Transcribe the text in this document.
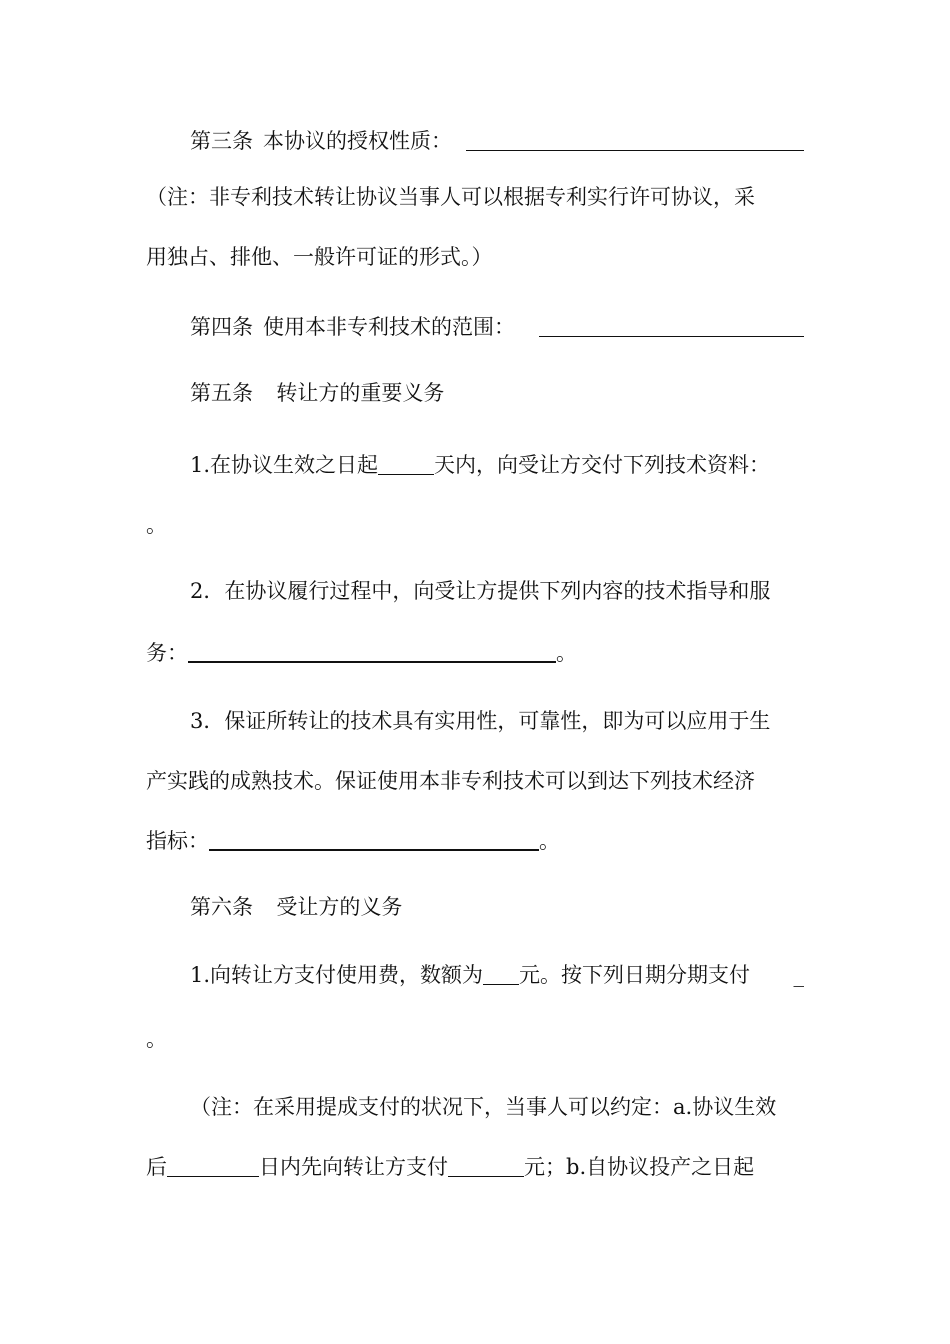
第三条 本协议的授权性质：
（注：非专利技术转让协议当事人可以根据专利实行许可协议，采
用独占、排他、一般许可证的形式。）
第四条 使用本非专利技术的范围：
第五条 转让方的重要义务
1.在协议生效之日起	天内，向受让方交付下列技术资料：
。
2．在协议履行过程中，向受让方提供下列内容的技术指导和服
务：	。
3．保证所转让的技术具有实用性，可靠性，即为可以应用于生
产实践的成熟技术。保证使用本非专利技术可以到达下列技术经济
指标：	。
第六条 受让方的义务
1.向转让方支付使用费，数额为 元。按下列日期分期支付 _
。
（注：在采用提成支付的状况下，当事人可以约定：a.协议生效
后	日内先向转让方支付	元；b.自协议投产之日起
